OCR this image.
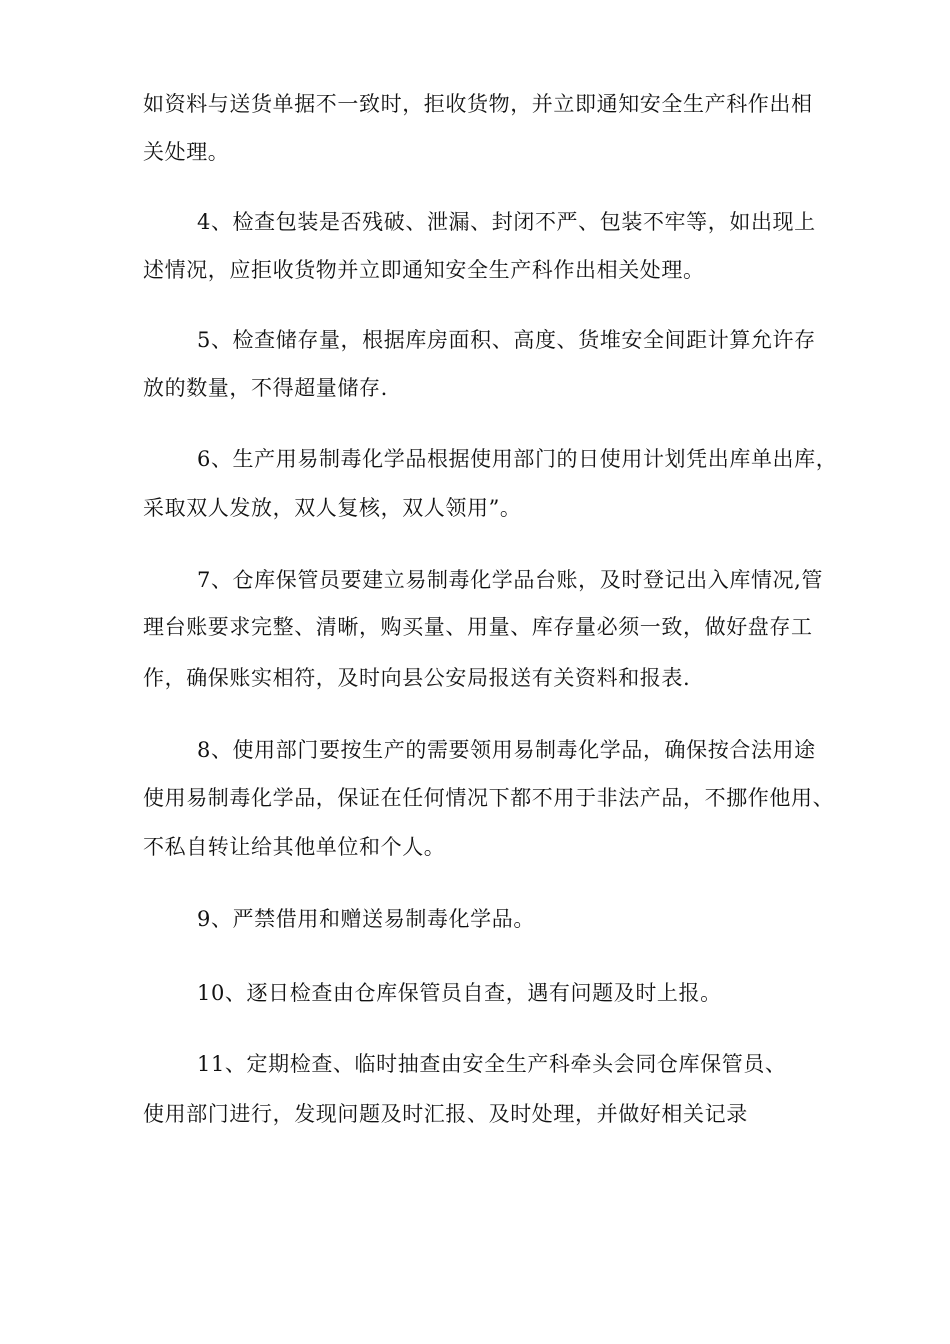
如资料与送货单据不一致时，拒收货物，并立即通知安全生产科作出相
关处理。
4、检查包装是否残破、泄漏、封闭不严、包装不牢等，如出现上
述情况，应拒收货物并立即通知安全生产科作出相关处理。
5、检查储存量，根据库房面积、高度、货堆安全间距计算允许存
放的数量，不得超量储存.
6、生产用易制毒化学品根据使用部门的日使用计划凭出库单出库，
采取双人发放，双人复核，双人领用”。
7、仓库保管员要建立易制毒化学品台账，及时登记出入库情况,管
理台账要求完整、清晰，购买量、用量、库存量必须一致，做好盘存工
作，确保账实相符，及时向县公安局报送有关资料和报表.
8、使用部门要按生产的需要领用易制毒化学品，确保按合法用途
使用易制毒化学品，保证在任何情况下都不用于非法产品，不挪作他用、
不私自转让给其他单位和个人。
9、严禁借用和赠送易制毒化学品。
10、逐日检查由仓库保管员自查，遇有问题及时上报。
11、定期检查、临时抽查由安全生产科牵头会同仓库保管员、
使用部门进行，发现问题及时汇报、及时处理，并做好相关记录
